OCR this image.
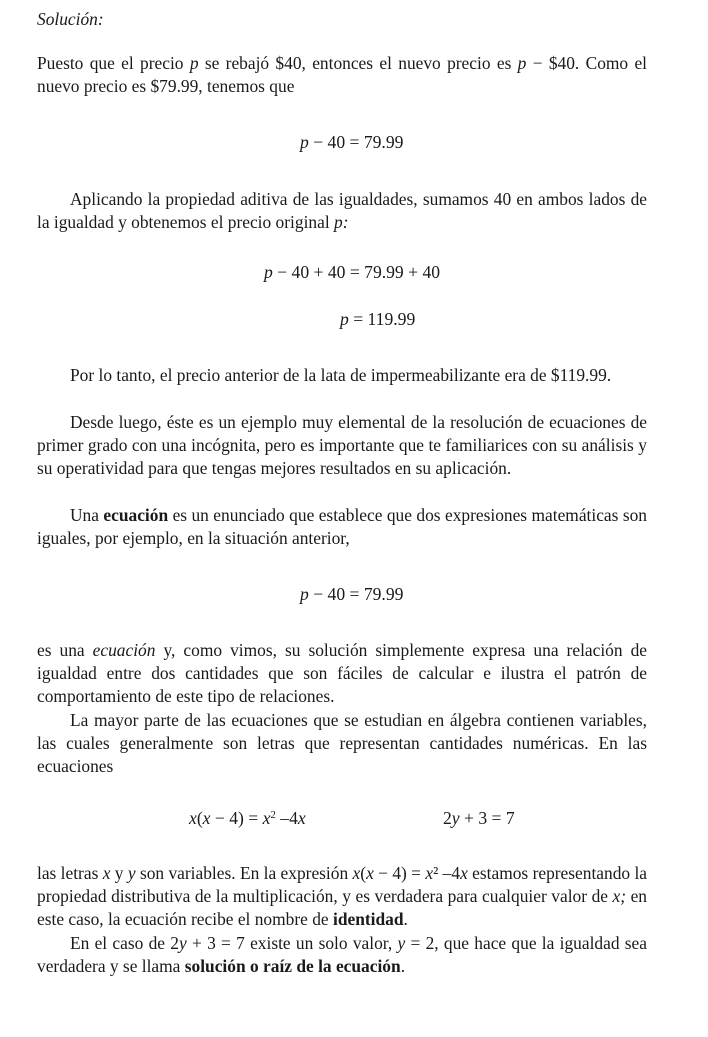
Solución:

Puesto que el precio p se rebajó $40, entonces el nuevo precio es p − $40. Como el nuevo precio es $79.99, tenemos que

p − 40 = 79.99

Aplicando la propiedad aditiva de las igualdades, sumamos 40 en ambos lados de la igualdad y obtenemos el precio original p:

p − 40 + 40 = 79.99 + 40
p = 119.99

Por lo tanto, el precio anterior de la lata de impermeabilizante era de $119.99.

Desde luego, éste es un ejemplo muy elemental de la resolución de ecuaciones de primer grado con una incógnita, pero es importante que te familiarices con su análisis y su operatividad para que tengas mejores resultados en su aplicación.

Una ecuación es un enunciado que establece que dos expresiones matemáticas son iguales, por ejemplo, en la situación anterior,

p − 40 = 79.99

es una ecuación y, como vimos, su solución simplemente expresa una relación de igualdad entre dos cantidades que son fáciles de calcular e ilustra el patrón de comportamiento de este tipo de relaciones.

La mayor parte de las ecuaciones que se estudian en álgebra contienen variables, las cuales generalmente son letras que representan cantidades numéricas. En las ecuaciones

$x(x - 4) = x^2$ –4x	2y + 3 = 7

las letras x y y son variables. En la expresión x(x − 4) = x² –4x estamos representando la propiedad distributiva de la multiplicación, y es verdadera para cualquier valor de x; en este caso, la ecuación recibe el nombre de identidad.

En el caso de 2y + 3 = 7 existe un solo valor, y = 2, que hace que la igualdad sea verdadera y se llama solución o raíz de la ecuación.
